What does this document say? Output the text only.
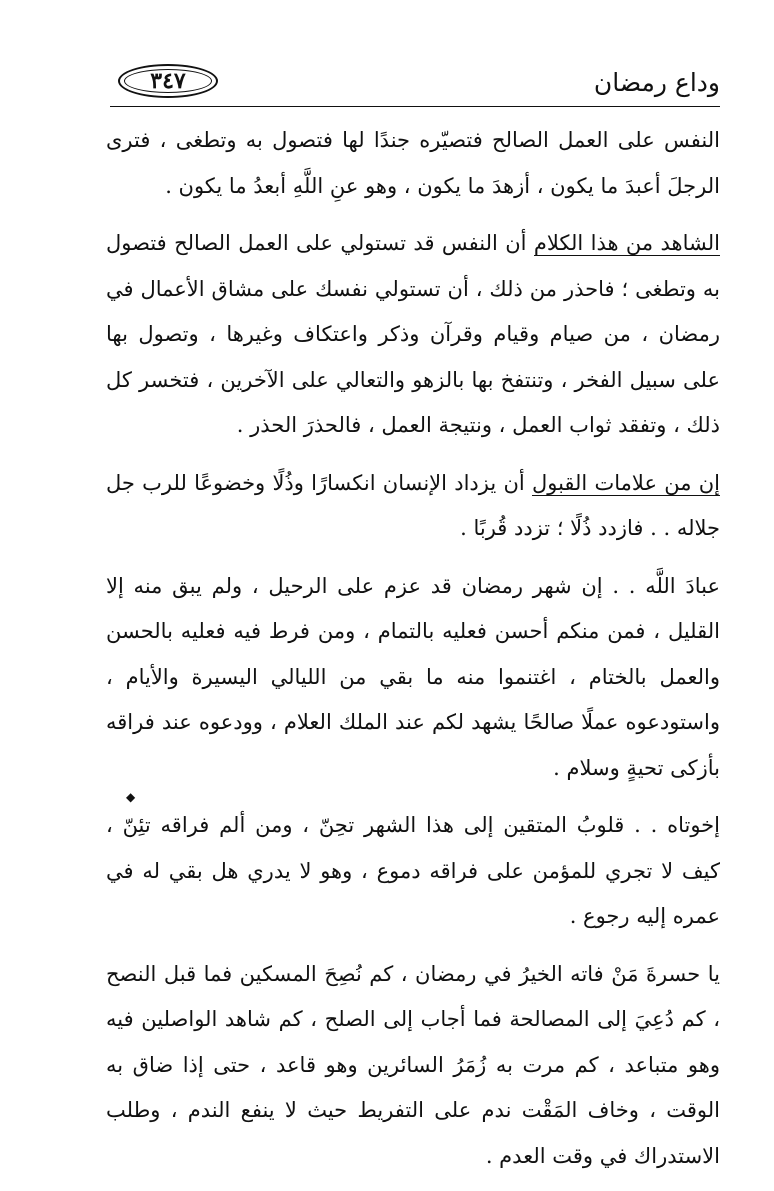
٣٤٧	وداع رمضان

النفس على العمل الصالح فتصيّره جندًا لها فتصول به وتطغى ، فترى الرجلَ أعبدَ ما يكون ، أزهدَ ما يكون ، وهو عنِ اللَّهِ أبعدُ ما يكون .

الشاهد من هذا الكلام أن النفس قد تستولي على العمل الصالح فتصول به وتطغى ؛ فاحذر من ذلك ، أن تستولي نفسك على مشاق الأعمال في رمضان ، من صيام وقيام وقرآن وذكر واعتكاف وغيرها ، وتصول بها على سبيل الفخر ، وتنتفخ بها بالزهو والتعالي على الآخرين ، فتخسر كل ذلك ، وتفقد ثواب العمل ، ونتيجة العمل ، فالحذرَ الحذر .

إن من علامات القبول أن يزداد الإنسان انكسارًا وذُلًا وخضوعًا للرب جل جلاله . . فازدد ذُلًا ؛ تزدد قُربًا .

عبادَ اللَّه . . إن شهر رمضان قد عزم على الرحيل ، ولم يبق منه إلا القليل ، فمن منكم أحسن فعليه بالتمام ، ومن فرط فيه فعليه بالحسن والعمل بالختام ، اغتنموا منه ما بقي من الليالي اليسيرة والأيام ، واستودعوه عملًا صالحًا يشهد لكم عند الملك العلام ، وودعوه عند فراقه بأزكى تحيةٍ وسلام .

إخوتاه . . قلوبُ المتقين إلى هذا الشهر تحِنّ ، ومن ألم فراقه تئِنّ ، كيف لا تجري للمؤمن على فراقه دموع ، وهو لا يدري هل بقي له في عمره إليه رجوع .

يا حسرةَ مَنْ فاته الخيرُ في رمضان ، كم نُصِحَ المسكين فما قبل النصح ، كم دُعِيَ إلى المصالحة فما أجاب إلى الصلح ، كم شاهد الواصلين فيه وهو متباعد ، كم مرت به زُمَرُ السائرين وهو قاعد ، حتى إذا ضاق به الوقت ، وخاف المَقْت ندم على التفريط حيث لا ينفع الندم ، وطلب الاستدراك في وقت العدم .

◆
